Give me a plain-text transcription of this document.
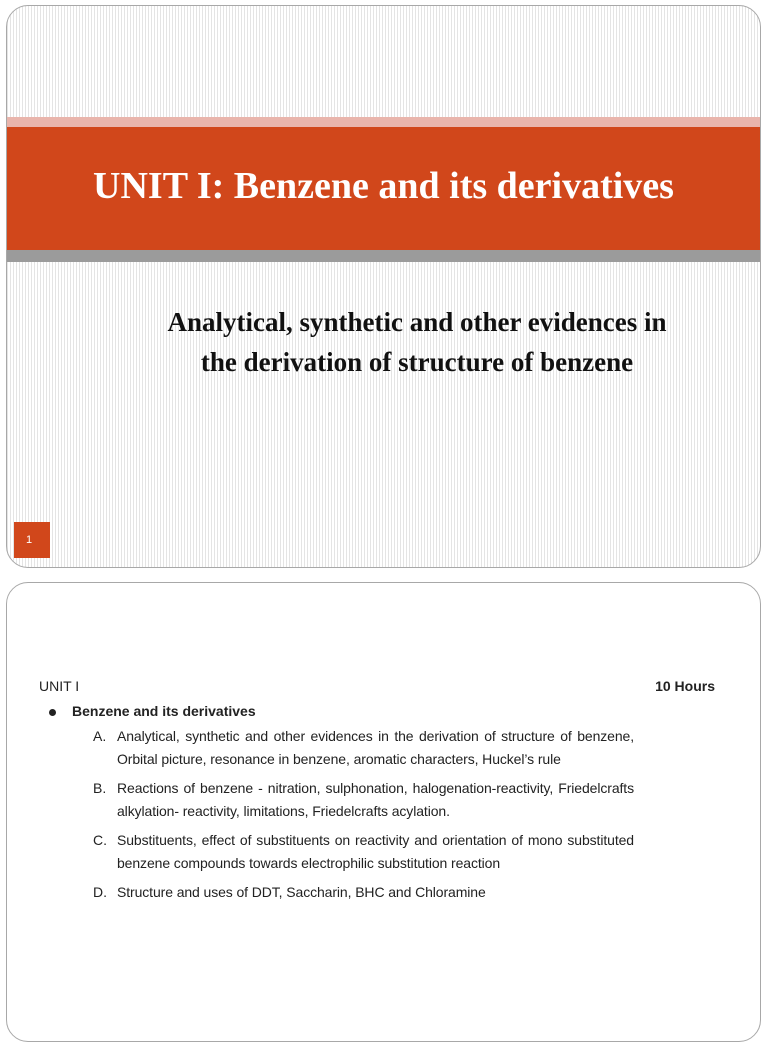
UNIT I: Benzene and its derivatives
Analytical, synthetic and other evidences in
the derivation of structure of benzene
1
UNIT I	10 Hours
Benzene and its derivatives
A. Analytical, synthetic and other evidences in the derivation of structure of benzene, Orbital picture, resonance in benzene, aromatic characters, Huckel’s rule

B. Reactions of benzene - nitration, sulphonation, halogenation-reactivity, Friedelcrafts alkylation- reactivity, limitations, Friedelcrafts acylation.

C. Substituents, effect of substituents on reactivity and orientation of mono substituted benzene compounds towards electrophilic substitution reaction

D. Structure and uses of DDT, Saccharin, BHC and Chloramine
